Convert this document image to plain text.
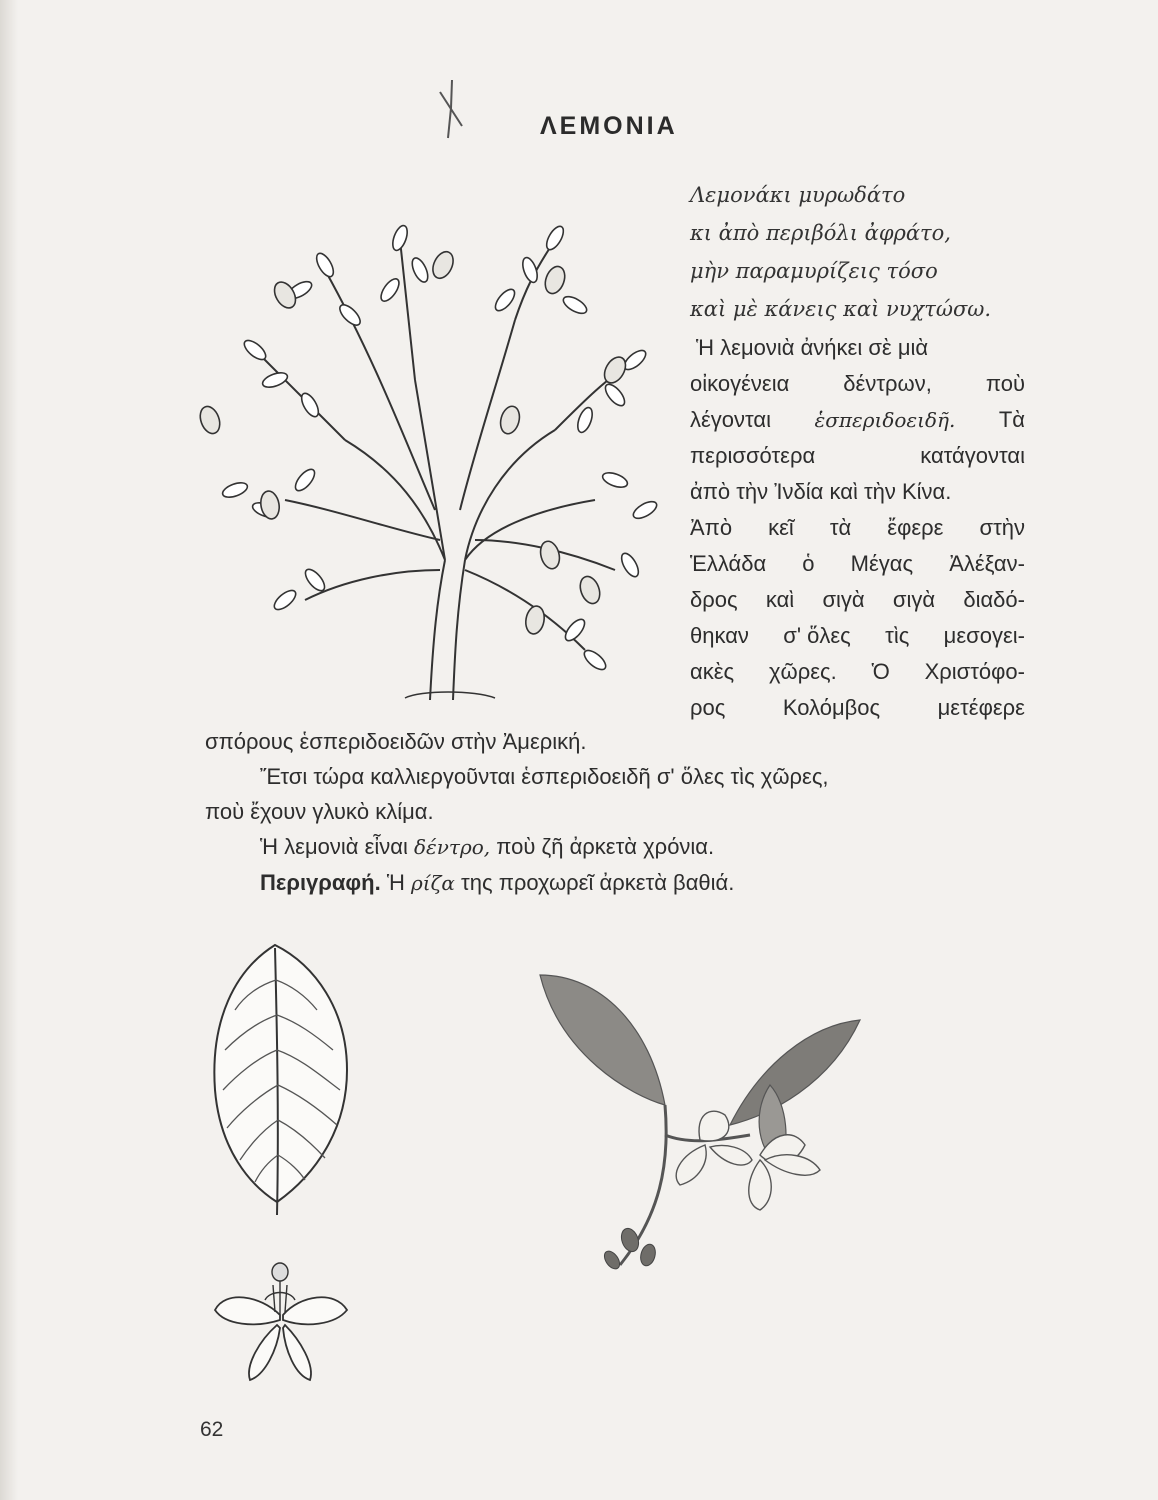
ΛΕΜΟΝΙΑ
Λεμονάκι μυρωδάτο
κι ἀπὸ περιβόλι ἀφράτο,
μὴν παραμυρίζεις τόσο
καὶ μὲ κάνεις καὶ νυχτώσω.
Ἡ λεμονιὰ ἀνήκει σὲ μιὰ
οἰκογένεια δέντρων, ποὺ
λέγονται ἑσπεριδοειδῆ. Τὰ
περισσότερα	κατάγονται
ἀπὸ τὴν Ἰνδία καὶ τὴν Κίνα.
Ἀπὸ κεῖ τὰ ἔφερε στὴν
Ἑλλάδα ὁ Μέγας Ἀλέξαν-
δρος καὶ σιγὰ σιγὰ διαδό-
θηκαν σ' ὅλες τὶς μεσογει-
ακὲς χῶρες. Ὁ Χριστόφο-
ρος	Κολόμβος	μετέφερε
σπόρους ἑσπεριδοειδῶν στὴν Ἀμερική.
Ἔτσι τώρα καλλιεργοῦνται ἑσπεριδοειδῆ σ' ὅλες τὶς χῶρες,
ποὺ ἔχουν γλυκὸ κλίμα.
Ἡ λεμονιὰ εἶναι δέντρο, ποὺ ζῆ ἀρκετὰ χρόνια.
Περιγραφή. Ἡ ρίζα της προχωρεῖ ἀρκετὰ βαθιά.
62
